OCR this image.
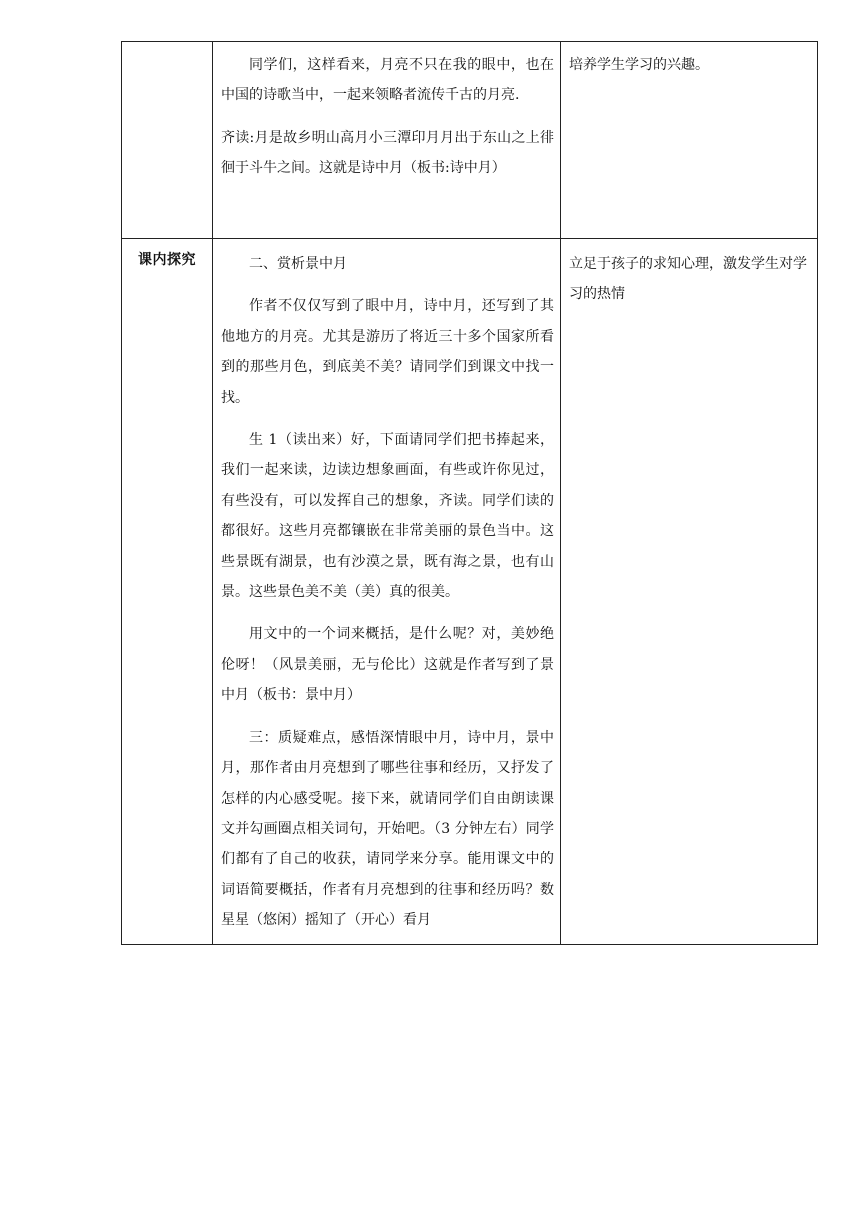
	同学们，这样看来，月亮不只在我的眼中，也在中国的诗歌当中，一起来领略者流传千古的月亮.

齐读:月是故乡明山高月小三潭印月月出于东山之上徘徊于斗牛之间。这就是诗中月（板书:诗中月）	培养学生学习的兴趣。
课内探究	二、赏析景中月

作者不仅仅写到了眼中月，诗中月，还写到了其他地方的月亮。尤其是游历了将近三十多个国家所看到的那些月色，到底美不美？请同学们到课文中找一找。

生 1（读出来）好，下面请同学们把书捧起来，我们一起来读，边读边想象画面，有些或许你见过，有些没有，可以发挥自己的想象，齐读。同学们读的都很好。这些月亮都镶嵌在非常美丽的景色当中。这些景既有湖景，也有沙漠之景，既有海之景，也有山景。这些景色美不美（美）真的很美。

用文中的一个词来概括，是什么呢？对，美妙绝伦呀！（风景美丽，无与伦比）这就是作者写到了景中月（板书：景中月）

三：质疑难点，感悟深情眼中月，诗中月，景中月，那作者由月亮想到了哪些往事和经历，又抒发了怎样的内心感受呢。接下来，就请同学们自由朗读课文并勾画圈点相关词句，开始吧。（3 分钟左右）同学们都有了自己的收获，请同学来分享。能用课文中的词语简要概括，作者有月亮想到的往事和经历吗？数星星（悠闲）摇知了（开心）看月	立足于孩子的求知心理，激发学生对学习的热情
